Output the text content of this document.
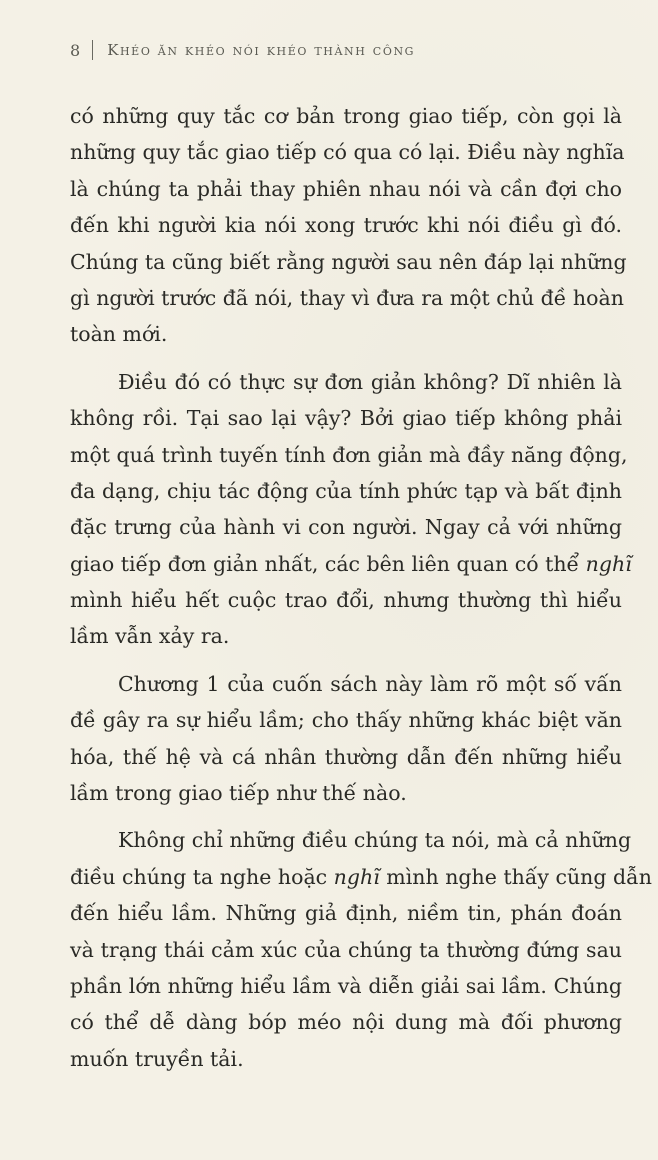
8 Khéo ăn khéo nói khéo thành công
có những quy tắc cơ bản trong giao tiếp, còn gọi là
những quy tắc giao tiếp có qua có lại. Điều này nghĩa
là chúng ta phải thay phiên nhau nói và cần đợi cho
đến khi người kia nói xong trước khi nói điều gì đó.
Chúng ta cũng biết rằng người sau nên đáp lại những
gì người trước đã nói, thay vì đưa ra một chủ đề hoàn
toàn mới.
Điều đó có thực sự đơn giản không? Dĩ nhiên là
không rồi. Tại sao lại vậy? Bởi giao tiếp không phải
một quá trình tuyến tính đơn giản mà đầy năng động,
đa dạng, chịu tác động của tính phức tạp và bất định
đặc trưng của hành vi con người. Ngay cả với những
giao tiếp đơn giản nhất, các bên liên quan có thể nghĩ
mình hiểu hết cuộc trao đổi, nhưng thường thì hiểu
lầm vẫn xảy ra.
Chương 1 của cuốn sách này làm rõ một số vấn
đề gây ra sự hiểu lầm; cho thấy những khác biệt văn
hóa, thế hệ và cá nhân thường dẫn đến những hiểu
lầm trong giao tiếp như thế nào.
Không chỉ những điều chúng ta nói, mà cả những
điều chúng ta nghe hoặc nghĩ mình nghe thấy cũng dẫn
đến hiểu lầm. Những giả định, niềm tin, phán đoán
và trạng thái cảm xúc của chúng ta thường đứng sau
phần lớn những hiểu lầm và diễn giải sai lầm. Chúng
có thể dễ dàng bóp méo nội dung mà đối phương
muốn truyền tải.
